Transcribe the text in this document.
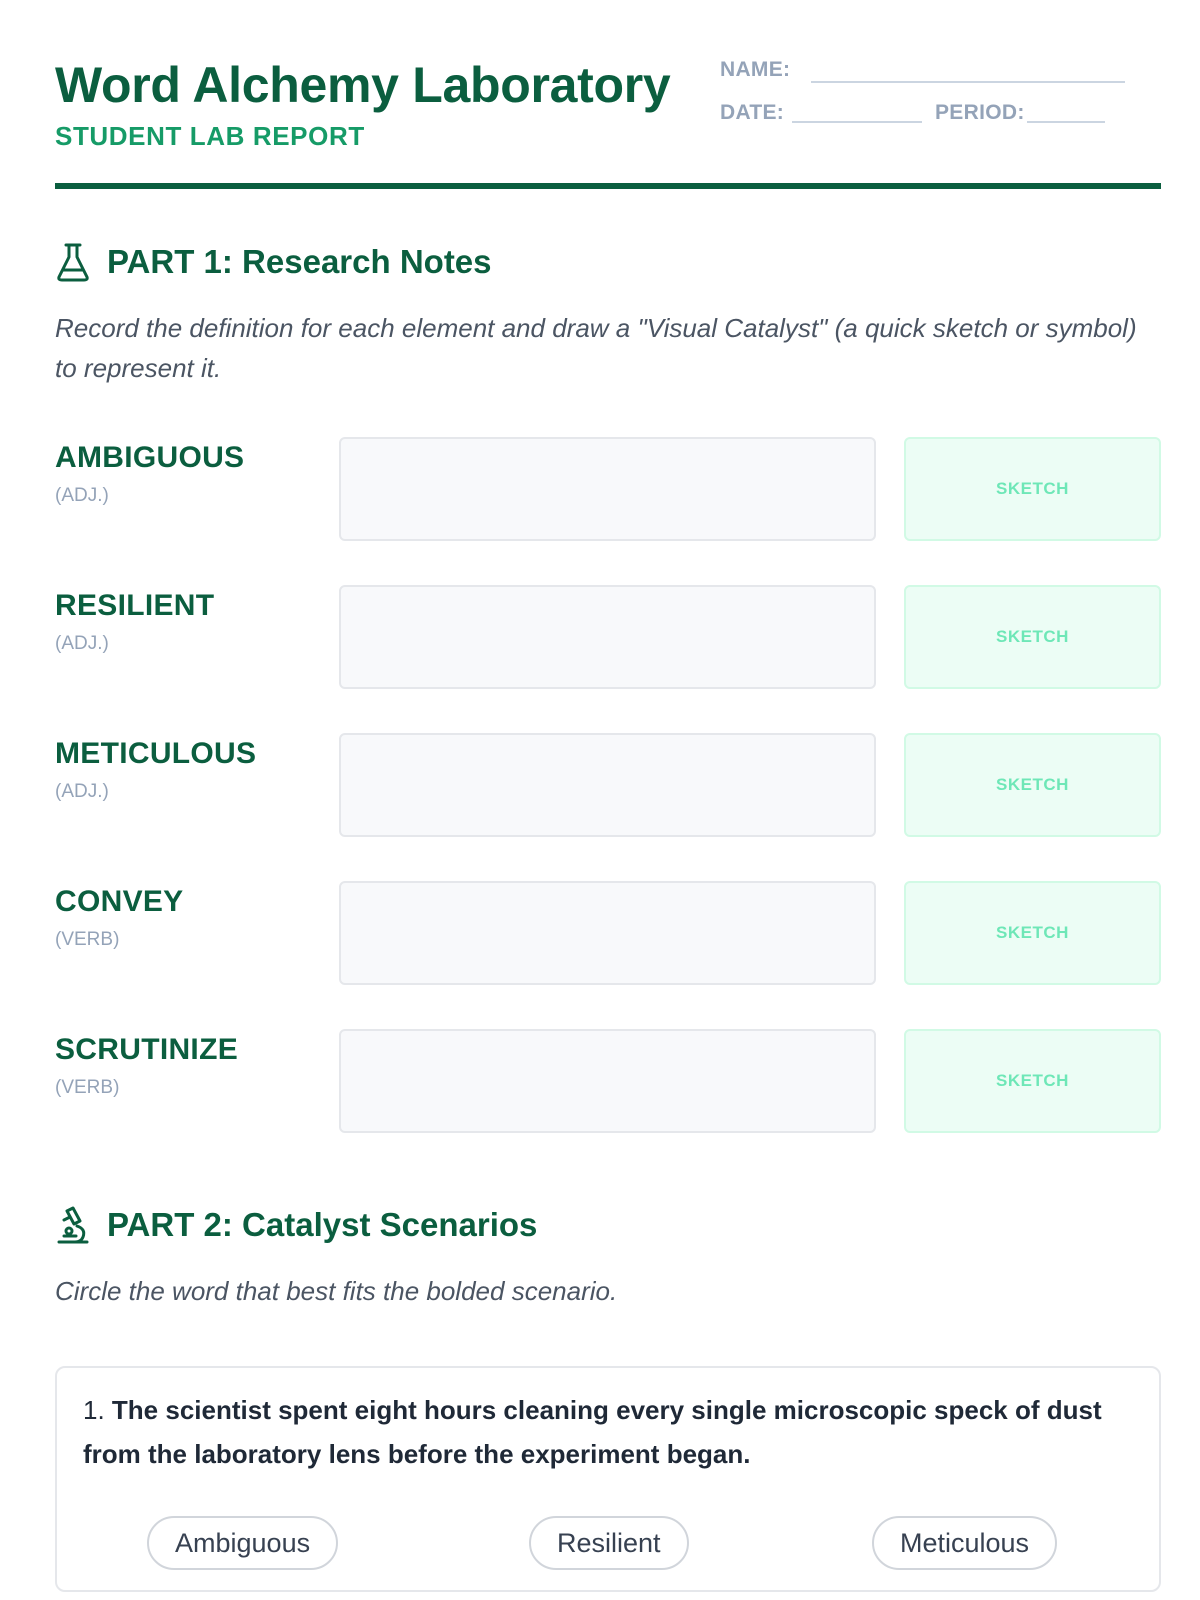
Word Alchemy Laboratory
STUDENT LAB REPORT
NAME:
DATE:	PERIOD:
PART 1: Research Notes

Record the definition for each element and draw a "Visual Catalyst" (a quick sketch or symbol) to represent it.

AMBIGUOUS
(ADJ.)	SKETCH
RESILIENT
(ADJ.)	SKETCH
METICULOUS
(ADJ.)	SKETCH
CONVEY
(VERB)	SKETCH
SCRUTINIZE
(VERB)	SKETCH
PART 2: Catalyst Scenarios

Circle the word that best fits the bolded scenario.

1. The scientist spent eight hours cleaning every single microscopic speck of dust from the laboratory lens before the experiment began.

Ambiguous	Resilient	Meticulous
